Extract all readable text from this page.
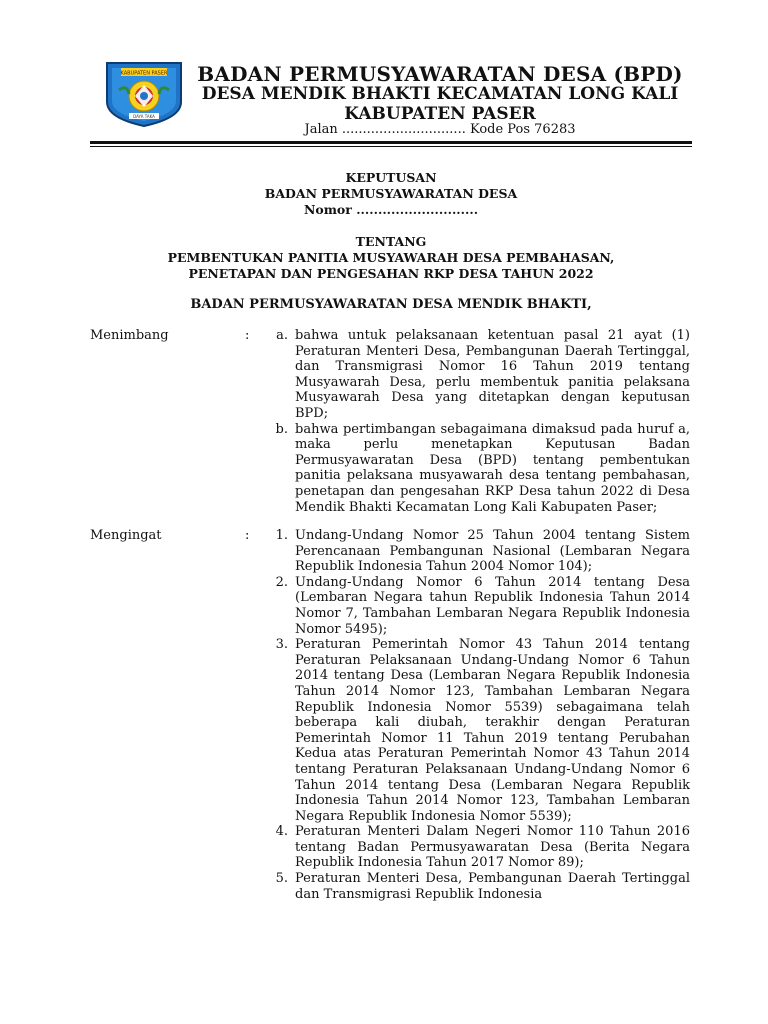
KABUPATEN PASER
DAYA TAKA
BADAN PERMUSYAWARATAN DESA (BPD)
DESA MENDIK BHAKTI KECAMATAN LONG KALI
KABUPATEN PASER
Jalan .............................. Kode Pos 76283
KEPUTUSAN
BADAN PERMUSYAWARATAN DESA
Nomor ............................
TENTANG
PEMBENTUKAN PANITIA MUSYAWARAH DESA PEMBAHASAN,
PENETAPAN DAN PENGESAHAN RKP DESA TAHUN 2022
BADAN PERMUSYAWARATAN DESA MENDIK BHAKTI,
Menimbang	:	a. bahwa untuk pelaksanaan ketentuan pasal 21 ayat (1) Peraturan Menteri Desa, Pembangunan Daerah Tertinggal, dan Transmigrasi Nomor 16 Tahun 2019 tentang Musyawarah Desa, perlu membentuk panitia pelaksana Musyawarah Desa yang ditetapkan dengan keputusan BPD;
b. bahwa pertimbangan sebagaimana dimaksud pada huruf a, maka perlu menetapkan Keputusan Badan Permusyawaratan Desa (BPD) tentang pembentukan panitia pelaksana musyawarah desa tentang pembahasan, penetapan dan pengesahan RKP Desa tahun 2022 di Desa Mendik Bhakti Kecamatan Long Kali Kabupaten Paser;
Mengingat	:	1. Undang-Undang Nomor 25 Tahun 2004 tentang Sistem Perencanaan Pembangunan Nasional (Lembaran Negara Republik Indonesia Tahun 2004 Nomor 104);
2. Undang-Undang Nomor 6 Tahun 2014 tentang Desa (Lembaran Negara tahun Republik Indonesia Tahun 2014 Nomor 7, Tambahan Lembaran Negara Republik Indonesia Nomor 5495);
3. Peraturan Pemerintah Nomor 43 Tahun 2014 tentang Peraturan Pelaksanaan Undang-Undang Nomor 6 Tahun 2014 tentang Desa (Lembaran Negara Republik Indonesia Tahun 2014 Nomor 123, Tambahan Lembaran Negara Republik Indonesia Nomor 5539) sebagaimana telah beberapa kali diubah, terakhir dengan Peraturan Pemerintah Nomor 11 Tahun 2019 tentang Perubahan Kedua atas Peraturan Pemerintah Nomor 43 Tahun 2014 tentang Peraturan Pelaksanaan Undang-Undang Nomor 6 Tahun 2014 tentang Desa (Lembaran Negara Republik Indonesia Tahun 2014 Nomor 123, Tambahan Lembaran Negara Republik Indonesia Nomor 5539);
4. Peraturan Menteri Dalam Negeri Nomor 110 Tahun 2016 tentang Badan Permusyawaratan Desa (Berita Negara Republik Indonesia Tahun 2017 Nomor 89);
5. Peraturan Menteri Desa, Pembangunan Daerah Tertinggal dan Transmigrasi Republik Indonesia
